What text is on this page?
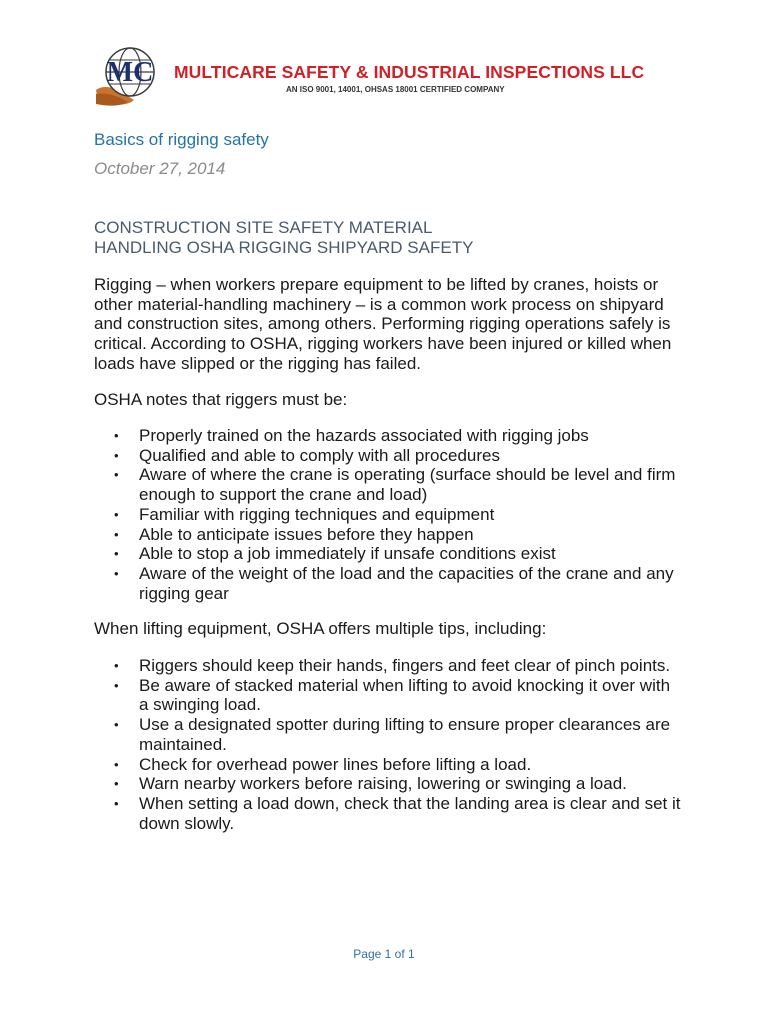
MC MULTICARE SAFETY & INDUSTRIAL INSPECTIONS LLC
AN ISO 9001, 14001, OHSAS 18001 CERTIFIED COMPANY
Basics of rigging safety
October 27, 2014
CONSTRUCTION SITE SAFETY MATERIAL
HANDLING OSHA RIGGING SHIPYARD SAFETY
Rigging – when workers prepare equipment to be lifted by cranes, hoists or other material-handling machinery – is a common work process on shipyard and construction sites, among others. Performing rigging operations safely is critical. According to OSHA, rigging workers have been injured or killed when loads have slipped or the rigging has failed.
OSHA notes that riggers must be:
• Properly trained on the hazards associated with rigging jobs
• Qualified and able to comply with all procedures
• Aware of where the crane is operating (surface should be level and firm enough to support the crane and load)
• Familiar with rigging techniques and equipment
• Able to anticipate issues before they happen
• Able to stop a job immediately if unsafe conditions exist
• Aware of the weight of the load and the capacities of the crane and any rigging gear
When lifting equipment, OSHA offers multiple tips, including:
• Riggers should keep their hands, fingers and feet clear of pinch points.
• Be aware of stacked material when lifting to avoid knocking it over with a swinging load.
• Use a designated spotter during lifting to ensure proper clearances are maintained.
• Check for overhead power lines before lifting a load.
• Warn nearby workers before raising, lowering or swinging a load.
• When setting a load down, check that the landing area is clear and set it down slowly.
Page 1 of 1
